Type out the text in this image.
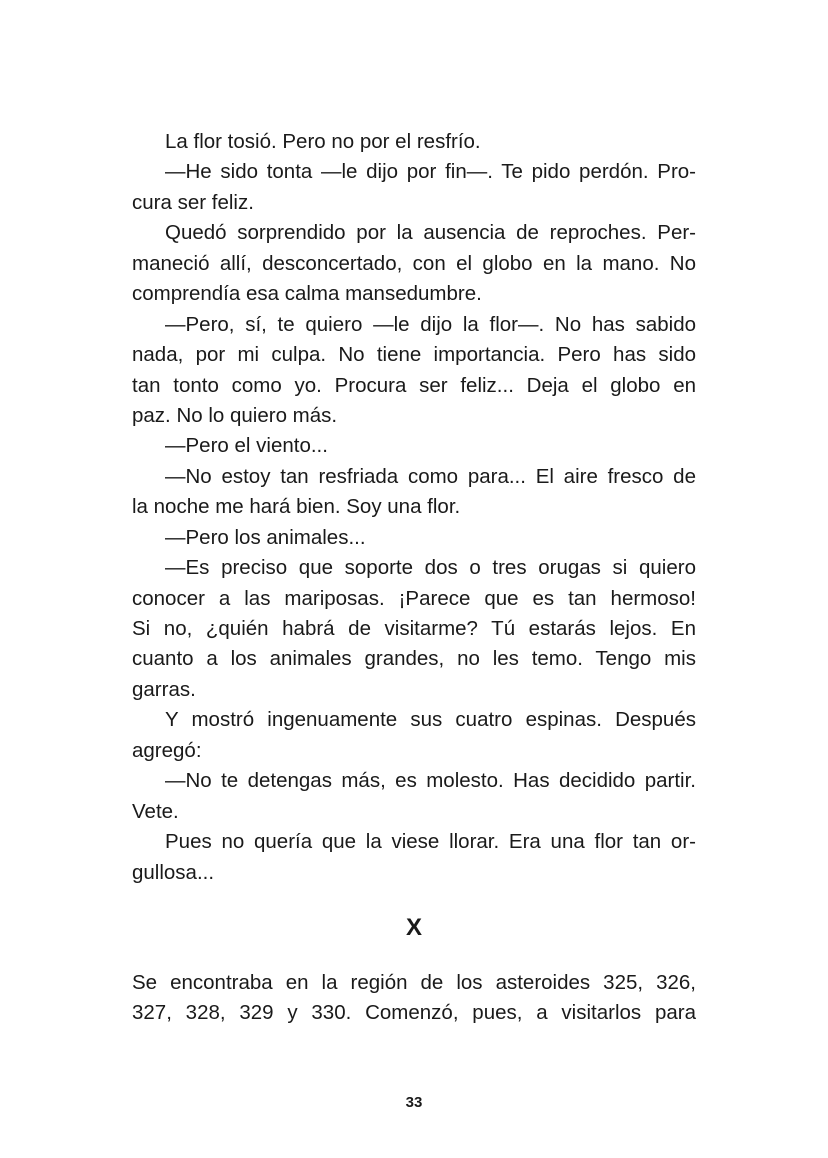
La flor tosió. Pero no por el resfrío.
—He sido tonta —le dijo por fin—. Te pido perdón. Pro-
cura ser feliz.
Quedó sorprendido por la ausencia de reproches. Per-
maneció allí, desconcertado, con el globo en la mano. No
comprendía esa calma mansedumbre.
—Pero, sí, te quiero —le dijo la flor—. No has sabido
nada, por mi culpa. No tiene importancia. Pero has sido
tan tonto como yo. Procura ser feliz... Deja el globo en
paz. No lo quiero más.
—Pero el viento...
—No estoy tan resfriada como para... El aire fresco de
la noche me hará bien. Soy una flor.
—Pero los animales...
—Es preciso que soporte dos o tres orugas si quiero
conocer a las mariposas. ¡Parece que es tan hermoso!
Si no, ¿quién habrá de visitarme? Tú estarás lejos. En
cuanto a los animales grandes, no les temo. Tengo mis
garras.
Y mostró ingenuamente sus cuatro espinas. Después
agregó:
—No te detengas más, es molesto. Has decidido partir.
Vete.
Pues no quería que la viese llorar. Era una flor tan or-
gullosa...
X
Se encontraba en la región de los asteroides 325, 326,
327, 328, 329 y 330. Comenzó, pues, a visitarlos para
33
